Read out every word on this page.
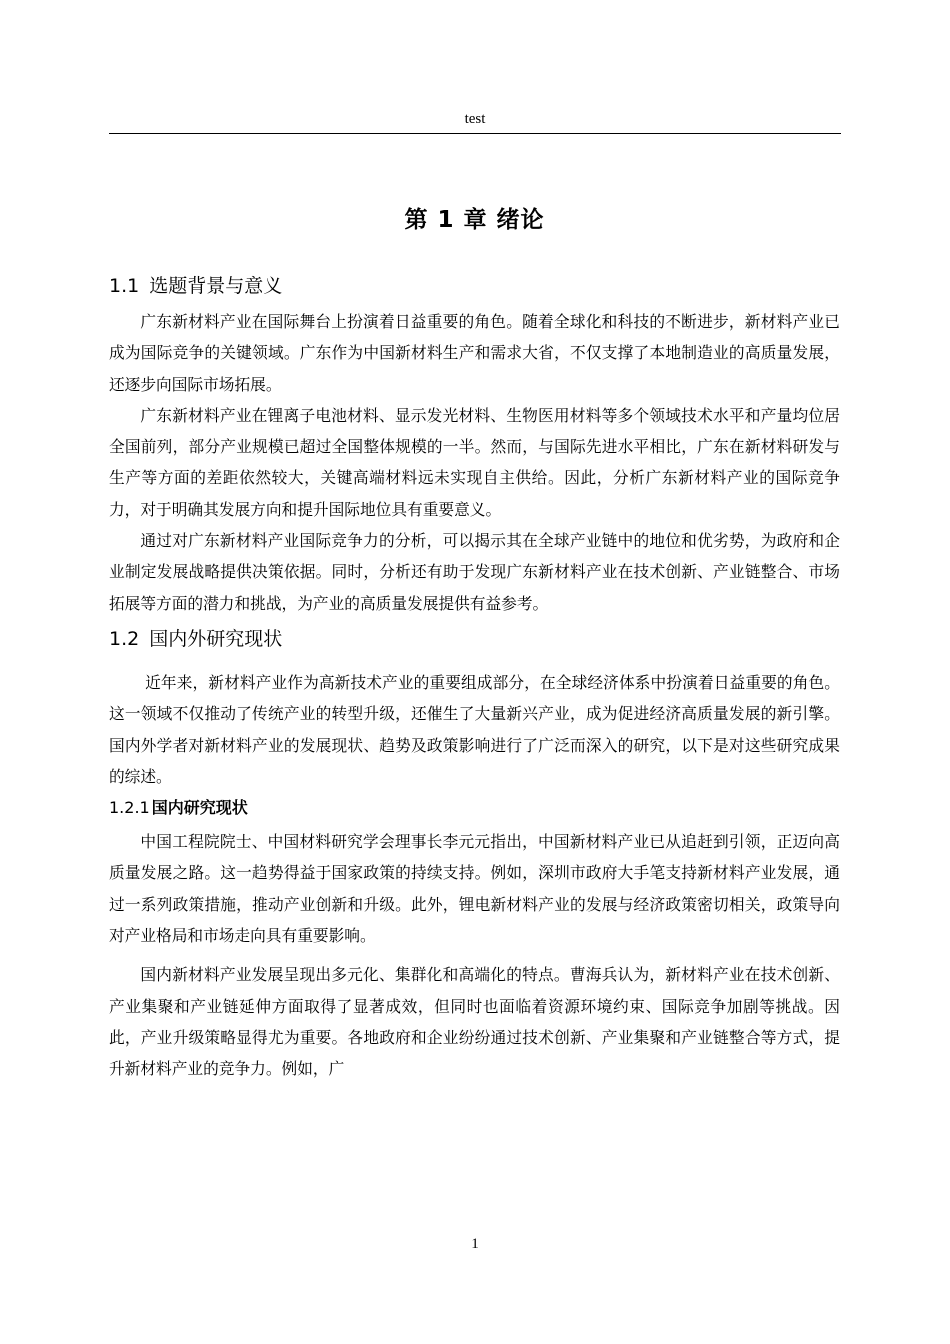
test
第 1 章 绪论
1.1 选题背景与意义

广东新材料产业在国际舞台上扮演着日益重要的角色。随着全球化和科技的不断进步，新材料产业已成为国际竞争的关键领域。广东作为中国新材料生产和需求大省，不仅支撑了本地制造业的高质量发展，还逐步向国际市场拓展。

广东新材料产业在锂离子电池材料、显示发光材料、生物医用材料等多个领域技术水平和产量均位居全国前列，部分产业规模已超过全国整体规模的一半。然而，与国际先进水平相比，广东在新材料研发与生产等方面的差距依然较大，关键高端材料远未实现自主供给。因此，分析广东新材料产业的国际竞争力，对于明确其发展方向和提升国际地位具有重要意义。

通过对广东新材料产业国际竞争力的分析，可以揭示其在全球产业链中的地位和优劣势，为政府和企业制定发展战略提供决策依据。同时，分析还有助于发现广东新材料产业在技术创新、产业链整合、市场拓展等方面的潜力和挑战，为产业的高质量发展提供有益参考。

1.2 国内外研究现状

近年来，新材料产业作为高新技术产业的重要组成部分，在全球经济体系中扮演着日益重要的角色。这一领域不仅推动了传统产业的转型升级，还催生了大量新兴产业，成为促进经济高质量发展的新引擎。国内外学者对新材料产业的发展现状、趋势及政策影响进行了广泛而深入的研究，以下是对这些研究成果的综述。

1.2.1 国内研究现状

中国工程院院士、中国材料研究学会理事长李元元指出，中国新材料产业已从追赶到引领，正迈向高质量发展之路。这一趋势得益于国家政策的持续支持。例如，深圳市政府大手笔支持新材料产业发展，通过一系列政策措施，推动产业创新和升级。此外，锂电新材料产业的发展与经济政策密切相关，政策导向对产业格局和市场走向具有重要影响。

国内新材料产业发展呈现出多元化、集群化和高端化的特点。曹海兵认为，新材料产业在技术创新、产业集聚和产业链延伸方面取得了显著成效，但同时也面临着资源环境约束、国际竞争加剧等挑战。因此，产业升级策略显得尤为重要。各地政府和企业纷纷通过技术创新、产业集聚和产业链整合等方式，提升新材料产业的竞争力。例如，广

1
